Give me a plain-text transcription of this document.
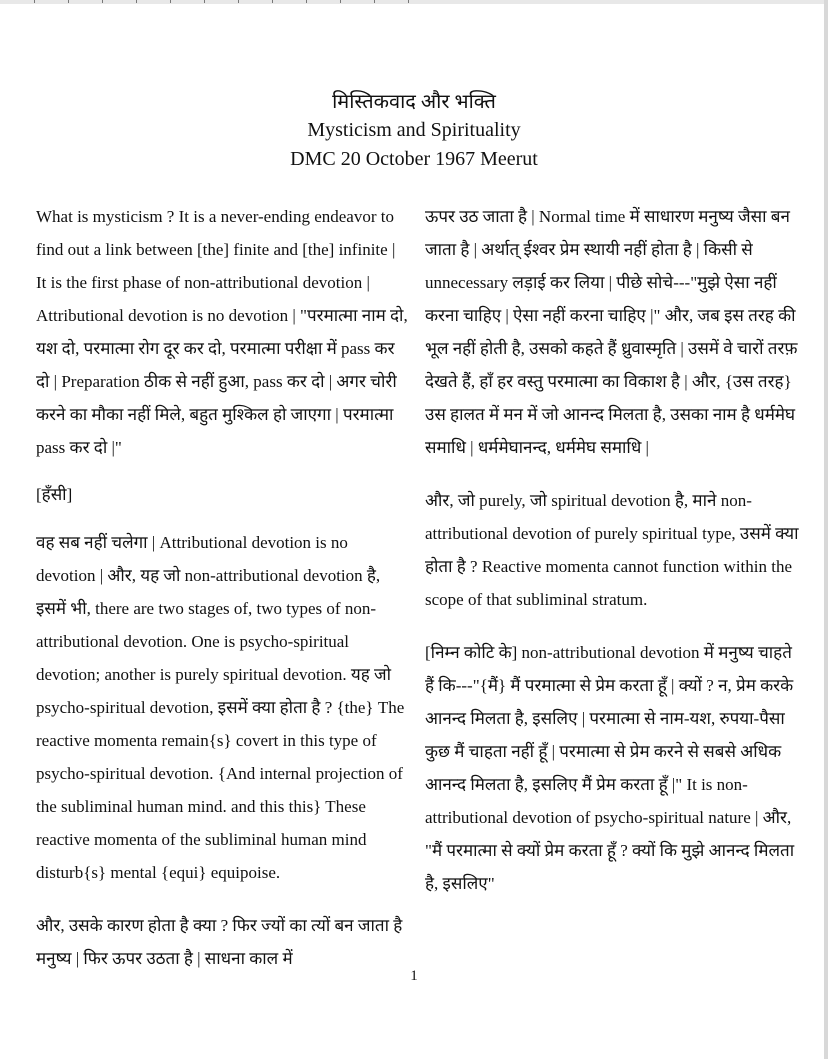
मिस्तिकवाद और भक्ति

Mysticism and Spirituality

DMC 20 October 1967 Meerut

What is mysticism ? It is a never-ending endeavor to find out a link between [the] finite and [the] infinite | It is the first phase of non-attributional devotion | Attributional devotion is no devotion | "परमात्मा नाम दो, यश दो, परमात्मा रोग दूर कर दो, परमात्मा परीक्षा में pass कर दो | Preparation ठीक से नहीं हुआ, pass कर दो | अगर चोरी करने का मौका नहीं मिले, बहुत मुश्किल हो जाएगा | परमात्मा pass कर दो |"

[हँसी]

वह सब नहीं चलेगा | Attributional devotion is no devotion | और, यह जो non-attributional devotion है, इसमें भी, there are two stages of, two types of non-attributional devotion. One is psycho-spiritual devotion; another is purely spiritual devotion. यह जो psycho-spiritual devotion, इसमें क्या होता है ? {the} The reactive momenta remain{s} covert in this type of psycho-spiritual devotion. {And internal projection of the subliminal human mind. and this this} These reactive momenta of the subliminal human mind disturb{s} mental {equi} equipoise.

और, उसके कारण होता है क्या ? फिर ज्यों का त्यों बन जाता है मनुष्य | फिर ऊपर उठता है | साधना काल में

ऊपर उठ जाता है | Normal time में साधारण मनुष्य जैसा बन जाता है | अर्थात् ईश्वर प्रेम स्थायी नहीं होता है | किसी से unnecessary लड़ाई कर लिया | पीछे सोचे---"मुझे ऐसा नहीं करना चाहिए | ऐसा नहीं करना चाहिए |" और, जब इस तरह की भूल नहीं होती है, उसको कहते हैं ध्रुवास्मृति | उसमें वे चारों तरफ़ देखते हैं, हाँ हर वस्तु परमात्मा का विकाश है | और, {उस तरह} उस हालत में मन में जो आनन्द मिलता है, उसका नाम है धर्ममेघ समाधि | धर्ममेघानन्द, धर्ममेघ समाधि |

और, जो purely, जो spiritual devotion है, माने non-attributional devotion of purely spiritual type, उसमें क्या होता है ? Reactive momenta cannot function within the scope of that subliminal stratum.

[निम्न कोटि के] non-attributional devotion में मनुष्य चाहते हैं कि---"{मैं} मैं परमात्मा से प्रेम करता हूँ | क्यों ? न, प्रेम करके आनन्द मिलता है, इसलिए | परमात्मा से नाम-यश, रुपया-पैसा कुछ मैं चाहता नहीं हूँ | परमात्मा से प्रेम करने से सबसे अधिक आनन्द मिलता है, इसलिए मैं प्रेम करता हूँ |" It is non-attributional devotion of psycho-spiritual nature | और, "मैं परमात्मा से क्यों प्रेम करता हूँ ? क्यों कि मुझे आनन्द मिलता है, इसलिए"

1
